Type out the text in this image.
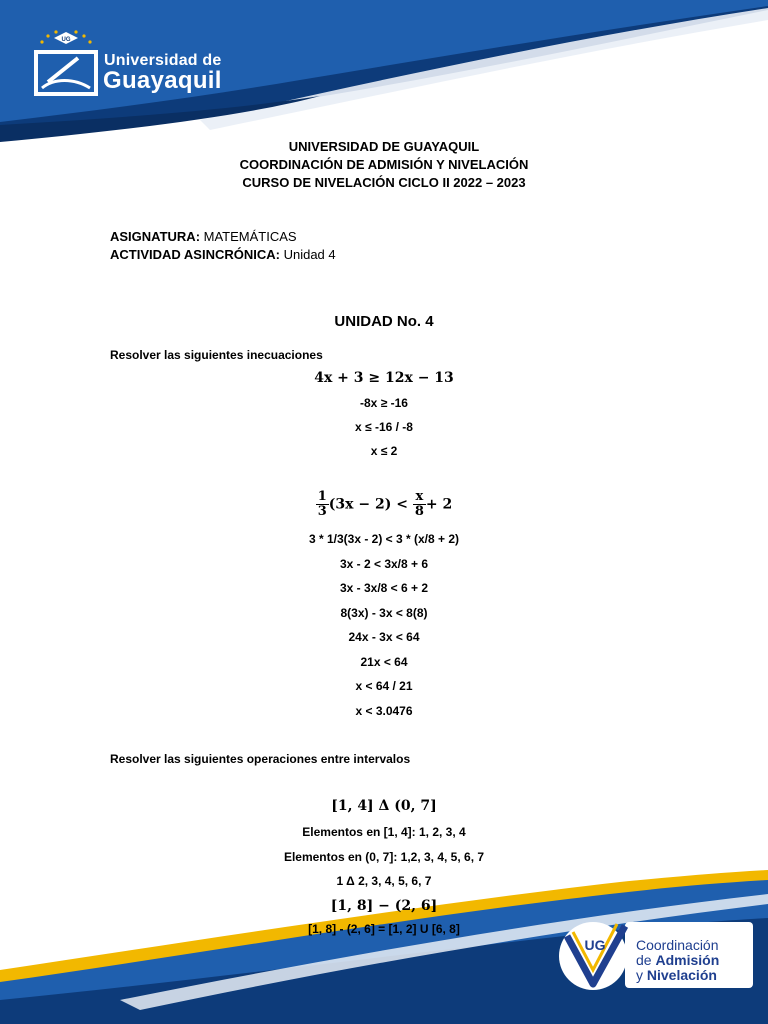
UG
Universidad de
Guayaquil
UNIVERSIDAD DE GUAYAQUIL
COORDINACIÓN DE ADMISIÓN Y NIVELACIÓN
CURSO DE NIVELACIÓN CICLO II 2022 – 2023
ASIGNATURA: MATEMÁTICAS
ACTIVIDAD ASINCRÓNICA: Unidad 4
UNIDAD No. 4
Resolver las siguientes inecuaciones
4x + 3 ≥ 12x − 13
-8x ≥ -16
x ≤ -16 / -8
x ≤ 2
$\frac{1}{3} (3x - 2) < \frac{x}{8} + 2$
3 * 1/3(3x - 2) < 3 * (x/8 + 2)
3x - 2 < 3x/8 + 6
3x - 3x/8 < 6 + 2
8(3x) - 3x < 8(8)
24x - 3x < 64
21x < 64
x < 64 / 21
x < 3.0476
Resolver las siguientes operaciones entre intervalos
[1, 4] Δ (0, 7]
Elementos en [1, 4]: 1, 2, 3, 4
Elementos en (0, 7]: 1,2, 3, 4, 5, 6, 7
1 Δ 2, 3, 4, 5, 6, 7
[1, 8] − (2, 6]
[1, 8] - (2, 6] = [1, 2] U [6, 8]
UG Coordinación
de Admisión
y Nivelación
